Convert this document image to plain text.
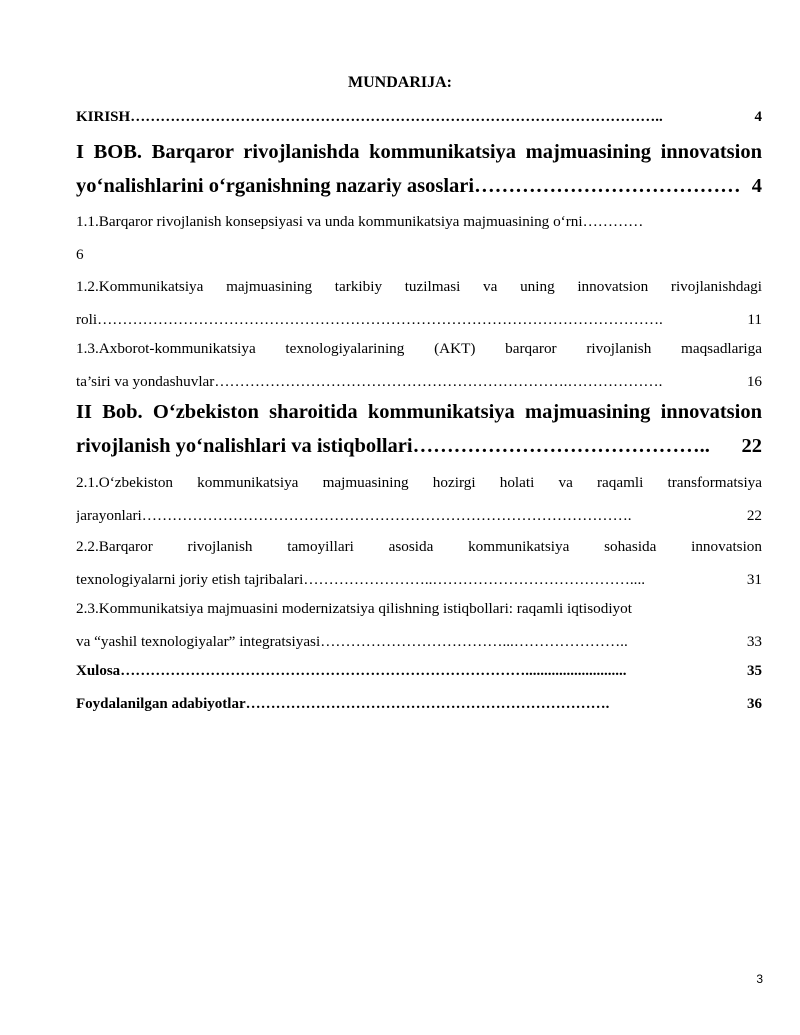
MUNDARIJA:
KIRISH ……………………………………………………………………………………………..	4
I BOB. Barqaror rivojlanishda kommunikatsiya majmuasining innovatsion
yo‘nalishlarini o‘rganishning nazariy asoslari ………………………………… 4
1.1.Barqaror rivojlanish konsepsiyasi va unda kommunikatsiya majmuasining o‘rni…………
6
1.2.Kommunikatsiya majmuasining tarkibiy tuzilmasi va uning innovatsion rivojlanishdagi
roli ………………………………………………………………………………………………….	11
1.3.Axborot-kommunikatsiya texnologiyalarining (AKT) barqaror rivojlanish maqsadlariga
ta’siri va yondashuvlar …………………………………………………………….……………….	16
II Bob. O‘zbekiston sharoitida kommunikatsiya majmuasining innovatsion
rivojlanish yo‘nalishlari va istiqbollari ……………………………………..	22
2.1.O‘zbekiston kommunikatsiya majmuasining hozirgi holati va raqamli transformatsiya
jarayonlari …………………………………………………………………………………….	22
2.2.Barqaror rivojlanish tamoyillari asosida kommunikatsiya sohasida innovatsion
texnologiyalarni joriy etish tajribalari ……………………..…………………………………....	31
2.3.Kommunikatsiya majmuasini modernizatsiya qilishning istiqbollari: raqamli iqtisodiyot
va “yashil texnologiyalar” integratsiyasi ………………………………...…………………..	33
Xulosa ………………………………………………………………………...........................	35
Foydalanilgan adabiyotlar ……………………………………………………………….	36
3
